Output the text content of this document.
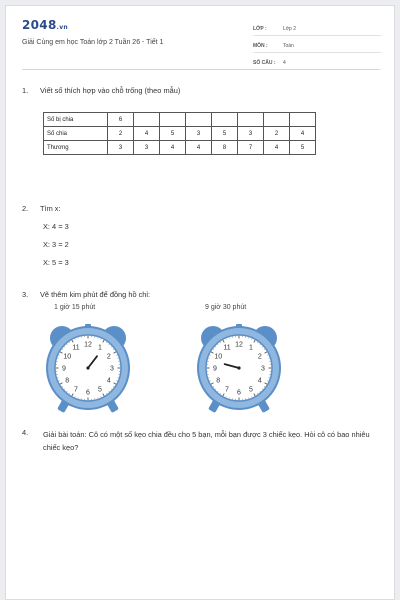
2048.vn
Giải Cùng em học Toán lớp 2 Tuần 26 - Tiết 1
LỚP :	Lớp 2
MÔN :	Toán
SỐ CÂU :	4
1. Viết số thích hợp vào chỗ trống (theo mẫu)
Số bị chia	6							
Số chia	2	4	5	3	5	3	2	4
Thương	3	3	4	4	8	7	4	5
2. Tìm x:
X: 4 = 3
X: 3 = 2
X: 5 = 3
3. Vẽ thêm kim phút để đồng hồ chỉ:
1 giờ 15 phút	9 giờ 30 phút
12 1
2
3
4
5
6
7
8
9
10
11	12 1
2
3
4
5
6
7
8
9
10
11
4. Giải bài toán: Cô có một số kẹo chia đều cho 5 bạn, mỗi bạn được 3 chiếc kẹo. Hỏi cô có bao nhiêu chiếc kẹo?
